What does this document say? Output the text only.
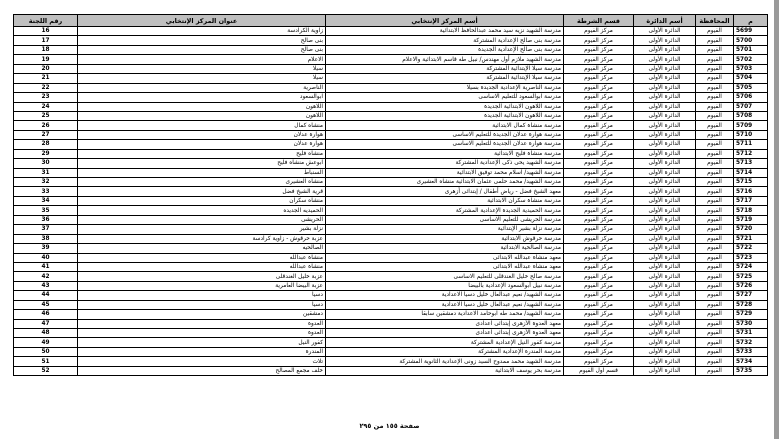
م	المحافظة	أسم الدائرة	قسم الشرطة	أسم المركز الإنتخابي	عنوان المركز الإنتخابي	رقم اللجنة
5699	الفيوم	الدائرة الأولى	مركز الفيوم	مدرسة الشهيد نزيه سيد محمد عبدالحافظ الابتدائية	زاوية الكرادسة	16
5700	الفيوم	الدائرة الأولى	مركز الفيوم	مدرسة بنى صالح الإعدادية المشتركة	بنى صالح	17
5701	الفيوم	الدائرة الأولى	مركز الفيوم	مدرسة بنى صالح الإعدادية الجديدة	بنى صالح	18
5702	الفيوم	الدائرة الأولى	مركز الفيوم	مدرسة الشهيد ملازم أول مهندس/ نبيل طه قاسم الابتدائية والاعلام	الاعلام	19
5703	الفيوم	الدائرة الأولى	مركز الفيوم	مدرسة سيلا الإبتدائية المشتركة	سيلا	20
5704	الفيوم	الدائرة الأولى	مركز الفيوم	مدرسة سيلا الإبتدائية المشتركة	سيلا	21
5705	الفيوم	الدائرة الأولى	مركز الفيوم	مدرسة الناصرية الإعدادية الجديدة بسيلا	الناصرية	22
5706	الفيوم	الدائرة الأولى	مركز الفيوم	مدرسة ابوالسعود للتعليم الاساسى	ابوالسعود	23
5707	الفيوم	الدائرة الأولى	مركز الفيوم	مدرسة اللاهون الابتدائية الجديدة	اللاهون	24
5708	الفيوم	الدائرة الأولى	مركز الفيوم	مدرسة اللاهون الابتدائية الجديدة	اللاهون	25
5709	الفيوم	الدائرة الأولى	مركز الفيوم	مدرسة منشاة كمال الابتدائية	منشاه كمال	26
5710	الفيوم	الدائرة الأولى	مركز الفيوم	مدرسة هوارة عدلان الجديدة للتعليم الاساسى	هوارة عدلان	27
5711	الفيوم	الدائرة الأولى	مركز الفيوم	مدرسة هوارة عدلان الجديدة للتعليم الاساسى	هوارة عدلان	28
5712	الفيوم	الدائرة الأولى	مركز الفيوم	مدرسة منشاة فليح الابتدائية	منشاه فليح	29
5713	الفيوم	الدائرة الأولى	مركز الفيوم	مدرسة الشهيد يحى ذكى الإعدادية المشتركة	ابوعش منشاه فليح	30
5714	الفيوم	الدائرة الأولى	مركز الفيوم	مدرسة الشهيد/ اسلام محمد توفيق الابتدائية	السنباط	31
5715	الفيوم	الدائرة الأولى	مركز الفيوم	مدرسة الشهيد/ محمد حلمى عثمان الابتدائية منشاه العشيرى	منشاه العشيرى	32
5716	الفيوم	الدائرة الأولى	مركز الفيوم	معهد الشيخ فضل - رياض أطفال / إبتدائى أزهرى	قرية الشيخ فضل	33
5717	الفيوم	الدائرة الأولى	مركز الفيوم	مدرسة منشاة سكران الابتدائية	منشاه سكران	34
5718	الفيوم	الدائرة الأولى	مركز الفيوم	مدرسة الحميدية الجديدة الإعدادية المشتركة	الحميديه الجديده	35
5719	الفيوم	الدائرة الأولى	مركز الفيوم	مدرسة الحريشى للتعليم الاساسى	الحريشى	36
5720	الفيوم	الدائرة الأولى	مركز الفيوم	مدرسة نزلة بشير الإبتدائية	نزلة بشير	37
5721	الفيوم	الدائرة الأولى	مركز الفيوم	مدرسة حرقوش الابتدائية	عزبة حرقوش - زاوية كرادسة	38
5722	الفيوم	الدائرة الأولى	مركز الفيوم	مدرسة الصالحية الابتدائية	الصالحيه	39
5723	الفيوم	الدائرة الأولى	مركز الفيوم	معهد منشاة عبدالله الابتدائى	منشاة عبدالله	40
5724	الفيوم	الدائرة الأولى	مركز الفيوم	معهد منشاة عبدالله الابتدائى	منشاة عبدالله	41
5725	الفيوم	الدائرة الأولى	مركز الفيوم	مدرسة صالح خليل الغندقلى للتعليم الاساسى	عزبة خليل الغندقلى	42
5726	الفيوم	الدائرة الأولى	مركز الفيوم	مدرسة نبيل أبوالسعود الإعدادية بالبيضا	عزبة البيضا العامرية	43
5727	الفيوم	الدائرة الأولى	مركز الفيوم	مدرسة الشهيد/ نعيم عبدالعال خليل دسيا الاعدادية	دسيا	44
5728	الفيوم	الدائرة الأولى	مركز الفيوم	مدرسة الشهيد/ نعيم عبدالعال خليل دسيا الاعدادية	دسيا	45
5729	الفيوم	الدائرة الأولى	مركز الفيوم	مدرسة الشهيد/ محمد طه ابوحامد الاعدادية دمشقين سابقا	دمشقين	46
5730	الفيوم	الدائرة الأولى	مركز الفيوم	معهد العدوة الأزهرى إبتدائى اعدادى	العدوة	47
5731	الفيوم	الدائرة الأولى	مركز الفيوم	معهد العدوة الأزهرى إبتدائى اعدادى	العدوة	48
5732	الفيوم	الدائرة الأولى	مركز الفيوم	مدرسة كفور النيل الإعدادية المشتركة	كفور النيل	49
5733	الفيوم	الدائرة الأولى	مركز الفيوم	مدرسة المندرة الإعدادية المشتركة	المندرة	50
5734	الفيوم	الدائرة الأولى	مركز الفيوم	مدرسة الشهيد محمد ممدوح السيد زونى الإعدادية الثانوية المشتركة	تلات	51
5735	الفيوم	الدائرة الأولى	قسم اول الفيوم	مدرسة بحر يوسف الابتدائية	خلف مجمع المصالح	52
صفحة ١٥٥ من ٢٩٥
